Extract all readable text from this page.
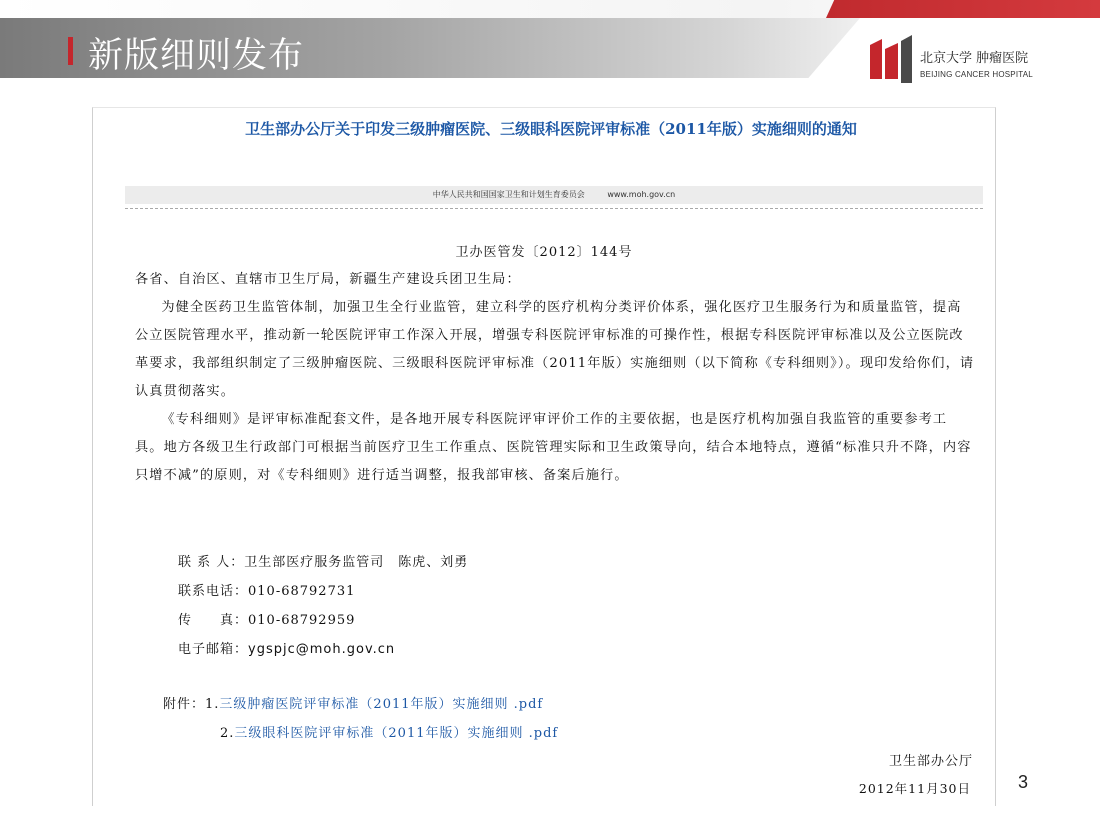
新版细则发布	北京大学 肿瘤医院
BEIJING CANCER HOSPITAL
卫生部办公厅关于印发三级肿瘤医院、三级眼科医院评审标准（2011年版）实施细则的通知
中华人民共和国国家卫生和计划生育委员会	www.moh.gov.cn
卫办医管发〔2012〕144号

各省、自治区、直辖市卫生厅局，新疆生产建设兵团卫生局：

为健全医药卫生监管体制，加强卫生全行业监管，建立科学的医疗机构分类评价体系，强化医疗卫生服务行为和质量监管，提高公立医院管理水平，推动新一轮医院评审工作深入开展，增强专科医院评审标准的可操作性，根据专科医院评审标准以及公立医院改革要求，我部组织制定了三级肿瘤医院、三级眼科医院评审标准（2011年版）实施细则（以下简称《专科细则》）。现印发给你们，请认真贯彻落实。

《专科细则》是评审标准配套文件，是各地开展专科医院评审评价工作的主要依据，也是医疗机构加强自我监管的重要参考工具。地方各级卫生行政部门可根据当前医疗卫生工作重点、医院管理实际和卫生政策导向，结合本地特点，遵循“标准只升不降，内容只增不减”的原则，对《专科细则》进行适当调整，报我部审核、备案后施行。

联 系 人：卫生部医疗服务监管司　陈虎、刘勇
联系电话：010-68792731
传　　真：010-68792959
电子邮箱：ygspjc@moh.gov.cn
附件：1.三级肿瘤医院评审标准（2011年版）实施细则 .pdf
2.三级眼科医院评审标准（2011年版）实施细则 .pdf
卫生部办公厅
2012年11月30日	3
